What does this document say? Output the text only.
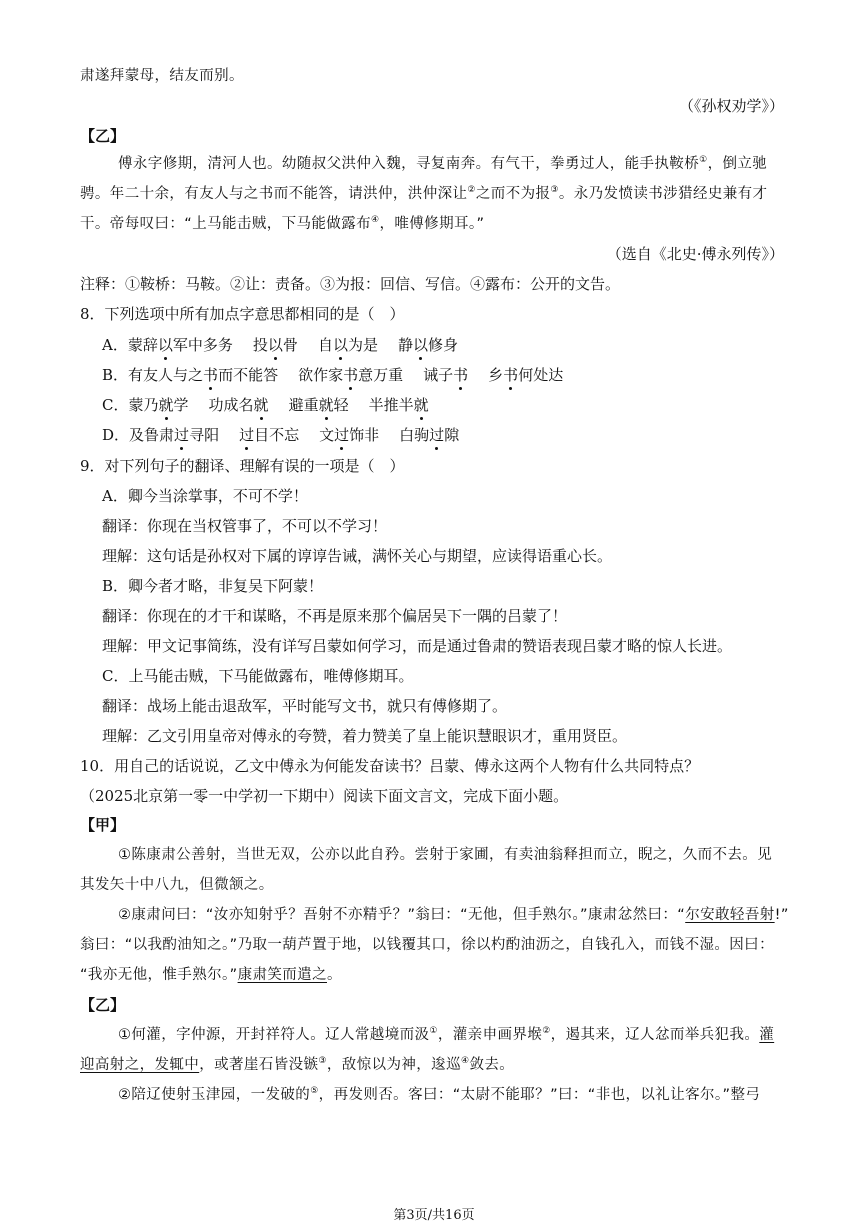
肃遂拜蒙母，结友而别。
（《孙权劝学》）
【乙】
傅永字修期，清河人也。幼随叔父洪仲入魏，寻复南奔。有气干，拳勇过人，能手执鞍桥①，倒立驰
骋。年二十余，有友人与之书而不能答，请洪仲，洪仲深让②之而不为报③。永乃发愤读书涉猎经史兼有才
干。帝每叹曰：“上马能击贼，下马能做露布④，唯傅修期耳。”
（选自《北史·傅永列传》）
注释：①鞍桥：马鞍。②让：责备。③为报：回信、写信。④露布：公开的文告。
8．下列选项中所有加点字意思都相同的是（　）
A．蒙辞以军中多务 投以骨 自以为是 静以修身
B．有友人与之书而不能答 欲作家书意万重 诫子书 乡书何处达
C．蒙乃就学 功成名就 避重就轻 半推半就
D．及鲁肃过寻阳 过目不忘 文过饰非 白驹过隙
9．对下列句子的翻译、理解有误的一项是（　）
A．卿今当涂掌事，不可不学！
翻译：你现在当权管事了，不可以不学习！
理解：这句话是孙权对下属的谆谆告诫，满怀关心与期望，应读得语重心长。
B．卿今者才略，非复吴下阿蒙！
翻译：你现在的才干和谋略，不再是原来那个偏居吴下一隅的吕蒙了！
理解：甲文记事简练，没有详写吕蒙如何学习，而是通过鲁肃的赞语表现吕蒙才略的惊人长进。
C．上马能击贼，下马能做露布，唯傅修期耳。
翻译：战场上能击退敌军，平时能写文书，就只有傅修期了。
理解：乙文引用皇帝对傅永的夸赞，着力赞美了皇上能识慧眼识才，重用贤臣。
10．用自己的话说说，乙文中傅永为何能发奋读书？吕蒙、傅永这两个人物有什么共同特点？
（2025北京第一零一中学初一下期中）阅读下面文言文，完成下面小题。
【甲】
①陈康肃公善射，当世无双，公亦以此自矜。尝射于家圃，有卖油翁释担而立，睨之，久而不去。见
其发矢十中八九，但微颔之。
②康肃问曰：“汝亦知射乎？吾射不亦精乎？”翁曰：“无他，但手熟尔。”康肃忿然曰：“尔安敢轻吾射!”
翁曰：“以我酌油知之。”乃取一葫芦置于地，以钱覆其口，徐以杓酌油沥之，自钱孔入，而钱不湿。因曰：
“我亦无他，惟手熟尔。”康肃笑而遣之。
【乙】
①何灌，字仲源，开封祥符人。辽人常越境而汲①，灌亲申画界堠②，遏其来，辽人忿而举兵犯我。灌
迎高射之，发辄中，或著崖石皆没镞③，敌惊以为神，逡巡④敛去。
②陪辽使射玉津园，一发破的⑤，再发则否。客曰：“太尉不能耶？”曰：“非也，以礼让客尔。”整弓
第3页/共16页
